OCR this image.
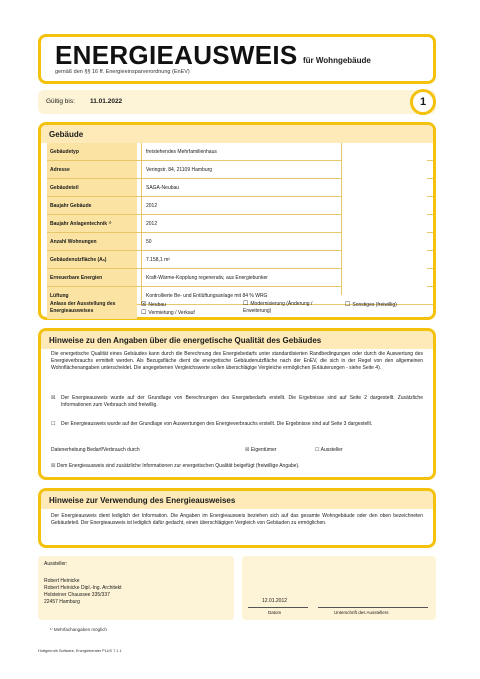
ENERGIEAUSWEIS für Wohngebäude
gemäß den §§ 16 ff. Energieeinsparverordnung (EnEV)
Gültig bis: 11.01.2022	1
Gebäude
Gebäudetyp	freistehendes Mehrfamilienhaus
Adresse	Veringstr. 84, 21109 Hamburg
Gebäudeteil	SAGA-Neubau
Baujahr Gebäude	2012
Baujahr Anlagentechnik ¹⁾	2012
Anzahl Wohnungen	50
Gebäudenutzfläche (Aₙ)	7.158,1 m²
Erneuerbare Energien	Kraft-Wärme-Kopplung regenerativ, aus Energiebunker
Lüftung	Kontrollierte Be- und Entlüftungsanlage mit 84 % WRG
Anlass der Ausstellung des Energieausweises
☒ Neubau
☐ Vermietung / Verkauf
☐ Modernisierung (Änderung / Erweiterung)
☐ Sonstiges (freiwillig)
Hinweise zu den Angaben über die energetische Qualität des Gebäudes
Die energetische Qualität eines Gebäudes kann durch die Berechnung des Energiebedarfs unter standardisierten Randbedingungen oder durch die Auswertung des Energieverbrauchs ermittelt werden. Als Bezugsfläche dient die energetische Gebäudenutzfläche nach der EnEV, die sich in der Regel von den allgemeinen Wohnflächenangaben unterscheidet. Die angegebenen Vergleichswerte sollen überschlägige Vergleiche ermöglichen (Erläuterungen - siehe Seite 4).
☒ Der Energieausweis wurde auf der Grundlage von Berechnungen des Energiebedarfs erstellt. Die Ergebnisse sind auf Seite 2 dargestellt. Zusätzliche Informationen zum Verbrauch sind freiwillig.
☐ Der Energieausweis wurde auf der Grundlage von Auswertungen des Energieverbrauchs erstellt. Die Ergebnisse sind auf Seite 3 dargestellt.
Datenerhebung Bedarf/Verbrauch durch	☒ Eigentümer	☐ Aussteller
☒ Dem Energieausweis sind zusätzliche Informationen zur energetischen Qualität beigefügt (freiwillige Angabe).
Hinweise zur Verwendung des Energieausweises
Der Energieausweis dient lediglich der Information. Die Angaben im Energieausweis beziehen sich auf das gesamte Wohngebäude oder den oben bezeichneten Gebäudeteil. Der Energieausweis ist lediglich dafür gedacht, einen überschlägigen Vergleich von Gebäuden zu ermöglichen.
Aussteller:
Robert Heinicke
Robert Heinicke Dipl.-Ing. Architekt
Holsteiner Chaussee 335/337
22457 Hamburg	12.01.2012
Datum	Unterschrift des Ausstellers
¹⁾ Mehrfachangaben möglich
Hottgenroth Software, Energieberater PLUS 7.1.1
